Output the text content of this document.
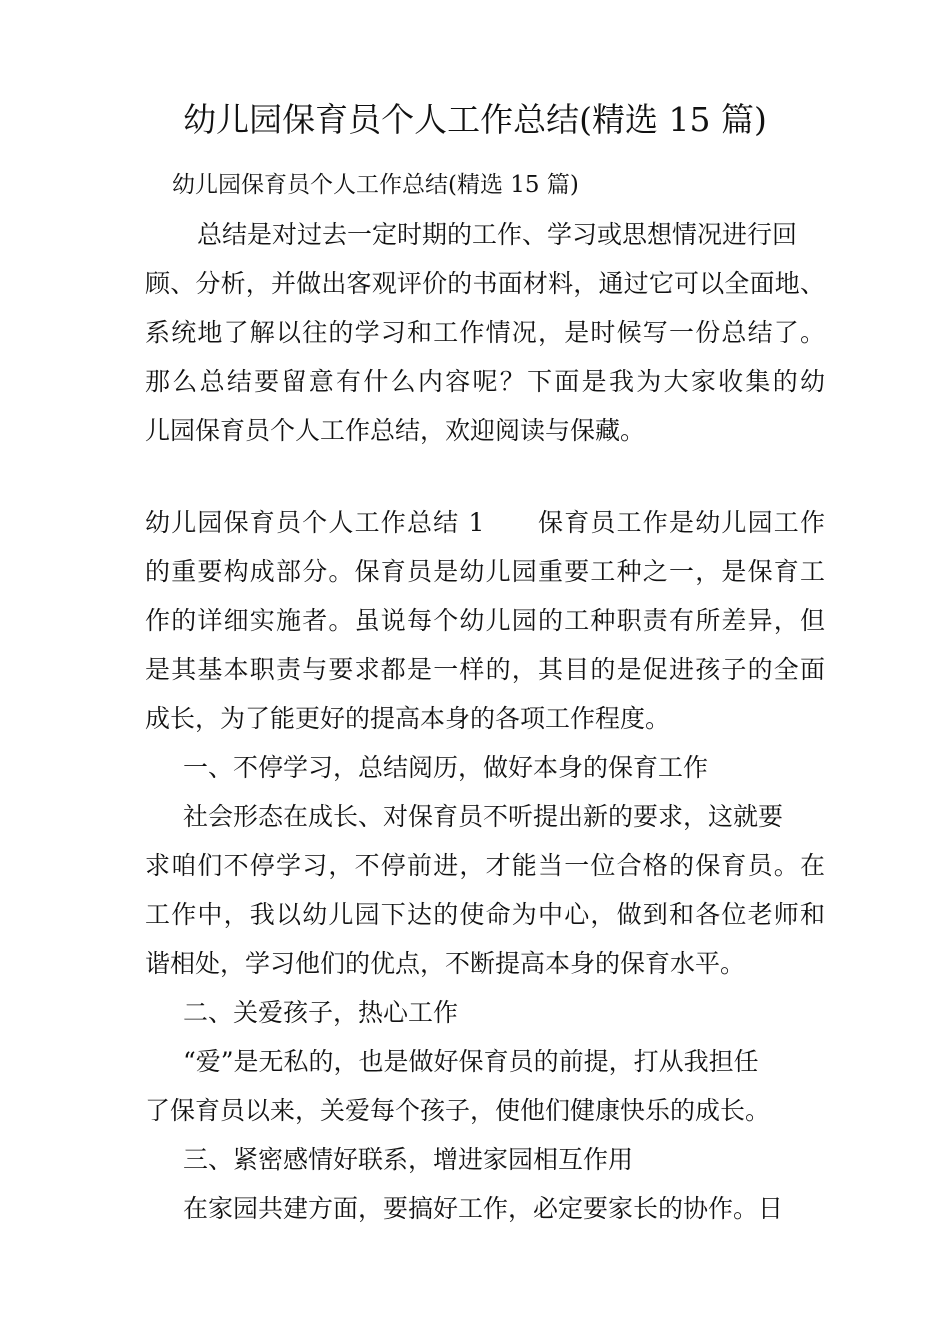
幼儿园保育员个人工作总结(精选 15 篇)
幼儿园保育员个人工作总结(精选 15 篇)
总结是对过去一定时期的工作、学习或思想情况进行回
顾、分析，并做出客观评价的书面材料，通过它可以全面地、
系统地了解以往的学习和工作情况，是时候写一份总结了。
那么总结要留意有什么内容呢？下面是我为大家收集的幼
儿园保育员个人工作总结，欢迎阅读与保藏。
幼儿园保育员个人工作总结 1　　保育员工作是幼儿园工作
的重要构成部分。保育员是幼儿园重要工种之一，是保育工
作的详细实施者。虽说每个幼儿园的工种职责有所差异，但
是其基本职责与要求都是一样的，其目的是促进孩子的全面
成长，为了能更好的提高本身的各项工作程度。
一、不停学习，总结阅历，做好本身的保育工作
社会形态在成长、对保育员不听提出新的要求，这就要
求咱们不停学习，不停前进，才能当一位合格的保育员。在
工作中，我以幼儿园下达的使命为中心，做到和各位老师和
谐相处，学习他们的优点，不断提高本身的保育水平。
二、关爱孩子，热心工作
“爱”是无私的，也是做好保育员的前提，打从我担任
了保育员以来，关爱每个孩子，使他们健康快乐的成长。
三、紧密感情好联系，增进家园相互作用
在家园共建方面，要搞好工作，必定要家长的协作。日
